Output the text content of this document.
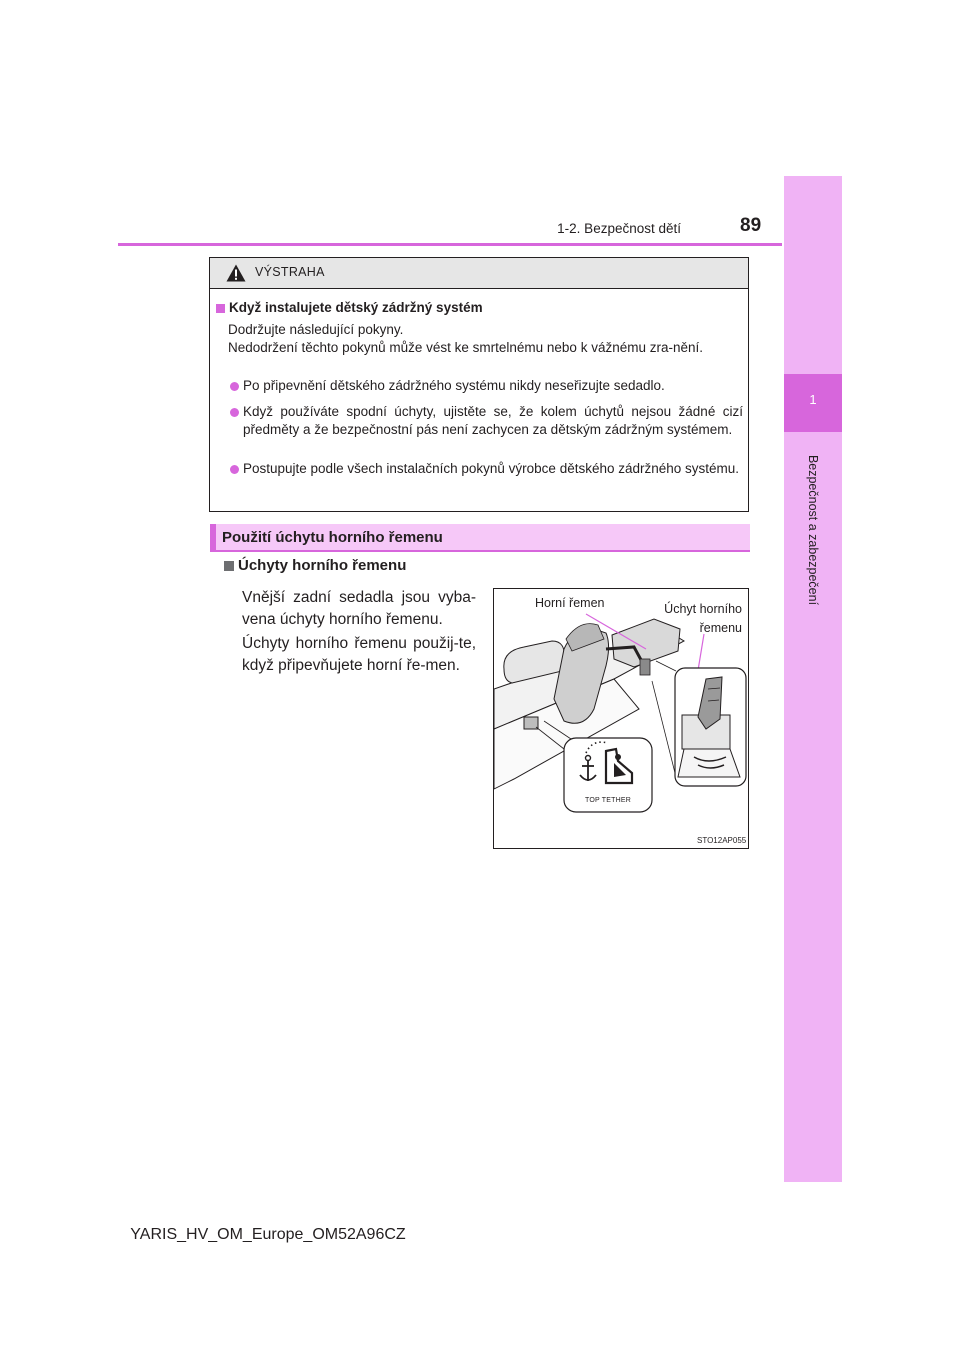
1
Bezpečnost a zabezpečení
1-2. Bezpečnost dětí	89
VÝSTRAHA
Když instalujete dětský zádržný systém
Dodržujte následující pokyny.
Nedodržení těchto pokynů může vést ke smrtelnému nebo k vážnému zra-nění.
Po připevnění dětského zádržného systému nikdy neseřizujte sedadlo.
Když používáte spodní úchyty, ujistěte se, že kolem úchytů nejsou žádné cizí předměty a že bezpečnostní pás není zachycen za dětským zádržným systémem.
Postupujte podle všech instalačních pokynů výrobce dětského zádržného systému.
Použití úchytu horního řemenu
Úchyty horního řemenu
Vnější zadní sedadla jsou vyba-vena úchyty horního řemenu.
Úchyty horního řemenu použij-te, když připevňujete horní ře-men.
TOP TETHER
Horní řemen	Úchyt horního
řemenu
STO12AP055
YARIS_HV_OM_Europe_OM52A96CZ
